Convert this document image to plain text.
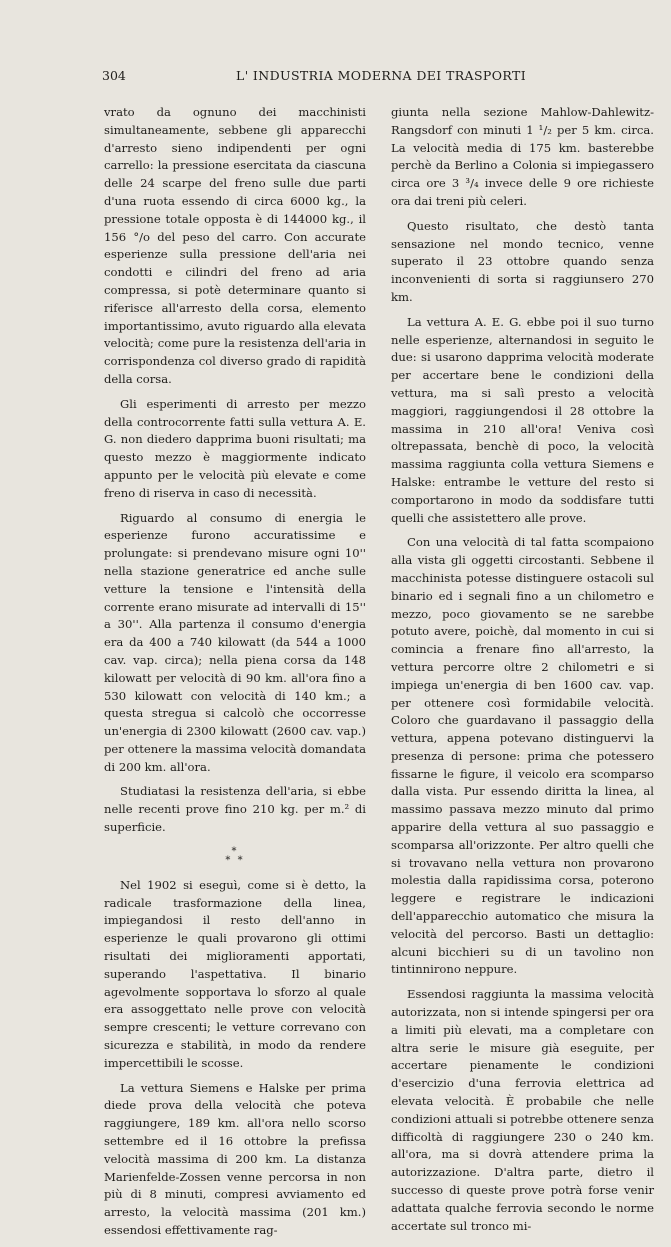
304	L' INDUSTRIA MODERNA DEI TRASPORTI

vrato da ognuno dei macchinisti simultaneamente, sebbene gli apparecchi d'arresto sieno indipendenti per ogni carrello: la pressione esercitata da ciascuna delle 24 scarpe del freno sulle due parti d'una ruota essendo di circa 6000 kg., la pressione totale opposta è di 144000 kg., il 156 °/o del peso del carro. Con accurate esperienze sulla pressione dell'aria nei condotti e cilindri del freno ad aria compressa, si potè determinare quanto si riferisce all'arresto della corsa, elemento importantissimo, avuto riguardo alla elevata velocità; come pure la resistenza dell'aria in corrispondenza col diverso grado di rapidità della corsa.

Gli esperimenti di arresto per mezzo della controcorrente fatti sulla vettura A. E. G. non diedero dapprima buoni risultati; ma questo mezzo è maggiormente indicato appunto per le velocità più elevate e come freno di riserva in caso di necessità.

Riguardo al consumo di energia le esperienze furono accuratissime e prolungate: si prendevano misure ogni 10'' nella stazione generatrice ed anche sulle vetture la tensione e l'intensità della corrente erano misurate ad intervalli di 15'' a 30''. Alla partenza il consumo d'energia era da 400 a 740 kilowatt (da 544 a 1000 cav. vap. circa); nella piena corsa da 148 kilowatt per velocità di 90 km. all'ora fino a 530 kilowatt con velocità di 140 km.; a questa stregua si calcolò che occorresse un'energia di 2300 kilowatt (2600 cav. vap.) per ottenere la massima velocità domandata di 200 km. all'ora.

Studiatasi la resistenza dell'aria, si ebbe nelle recenti prove fino 210 kg. per m.² di superficie.

*
* *

Nel 1902 si eseguì, come si è detto, la radicale trasformazione della linea, impiegandosi il resto dell'anno in esperienze le quali provarono gli ottimi risultati dei miglioramenti apportati, superando l'aspettativa. Il binario agevolmente sopportava lo sforzo al quale era assoggettato nelle prove con velocità sempre crescenti; le vetture correvano con sicurezza e stabilità, in modo da rendere impercettibili le scosse.

La vettura Siemens e Halske per prima diede prova della velocità che poteva raggiungere, 189 km. all'ora nello scorso settembre ed il 16 ottobre la prefissa velocità massima di 200 km. La distanza Marienfelde-Zossen venne percorsa in non più di 8 minuti, compresi avviamento ed arresto, la velocità massima (201 km.) essendosi effettivamente rag-

giunta nella sezione Mahlow-Dahlewitz-Rangsdorf con minuti 1 ¹/₂ per 5 km. circa. La velocità media di 175 km. basterebbe perchè da Berlino a Colonia si impiegassero circa ore 3 ³/₄ invece delle 9 ore richieste ora dai treni più celeri.

Questo risultato, che destò tanta sensazione nel mondo tecnico, venne superato il 23 ottobre quando senza inconvenienti di sorta si raggiunsero 270 km.

La vettura A. E. G. ebbe poi il suo turno nelle esperienze, alternandosi in seguito le due: si usarono dapprima velocità moderate per accertare bene le condizioni della vettura, ma si salì presto a velocità maggiori, raggiungendosi il 28 ottobre la massima in 210 all'ora! Veniva così oltrepassata, benchè di poco, la velocità massima raggiunta colla vettura Siemens e Halske: entrambe le vetture del resto si comportarono in modo da soddisfare tutti quelli che assistettero alle prove.

Con una velocità di tal fatta scompaiono alla vista gli oggetti circostanti. Sebbene il macchinista potesse distinguere ostacoli sul binario ed i segnali fino a un chilometro e mezzo, poco giovamento se ne sarebbe potuto avere, poichè, dal momento in cui si comincia a frenare fino all'arresto, la vettura percorre oltre 2 chilometri e si impiega un'energia di ben 1600 cav. vap. per ottenere così formidabile velocità. Coloro che guardavano il passaggio della vettura, appena potevano distinguervi la presenza di persone: prima che potessero fissarne le figure, il veicolo era scomparso dalla vista. Pur essendo diritta la linea, al massimo passava mezzo minuto dal primo apparire della vettura al suo passaggio e scomparsa all'orizzonte. Per altro quelli che si trovavano nella vettura non provarono molestia dalla rapidissima corsa, poterono leggere e registrare le indicazioni dell'apparecchio automatico che misura la velocità del percorso. Basti un dettaglio: alcuni bicchieri su di un tavolino non tintinnirono neppure.

Essendosi raggiunta la massima velocità autorizzata, non si intende spingersi per ora a limiti più elevati, ma a completare con altra serie le misure già eseguite, per accertare pienamente le condizioni d'esercizio d'una ferrovia elettrica ad elevata velocità. È probabile che nelle condizioni attuali si potrebbe ottenere senza difficoltà di raggiungere 230 o 240 km. all'ora, ma si dovrà attendere prima la autorizzazione. D'altra parte, dietro il successo di queste prove potrà forse venir adattata qualche ferrovia secondo le norme accertate sul tronco mi-
